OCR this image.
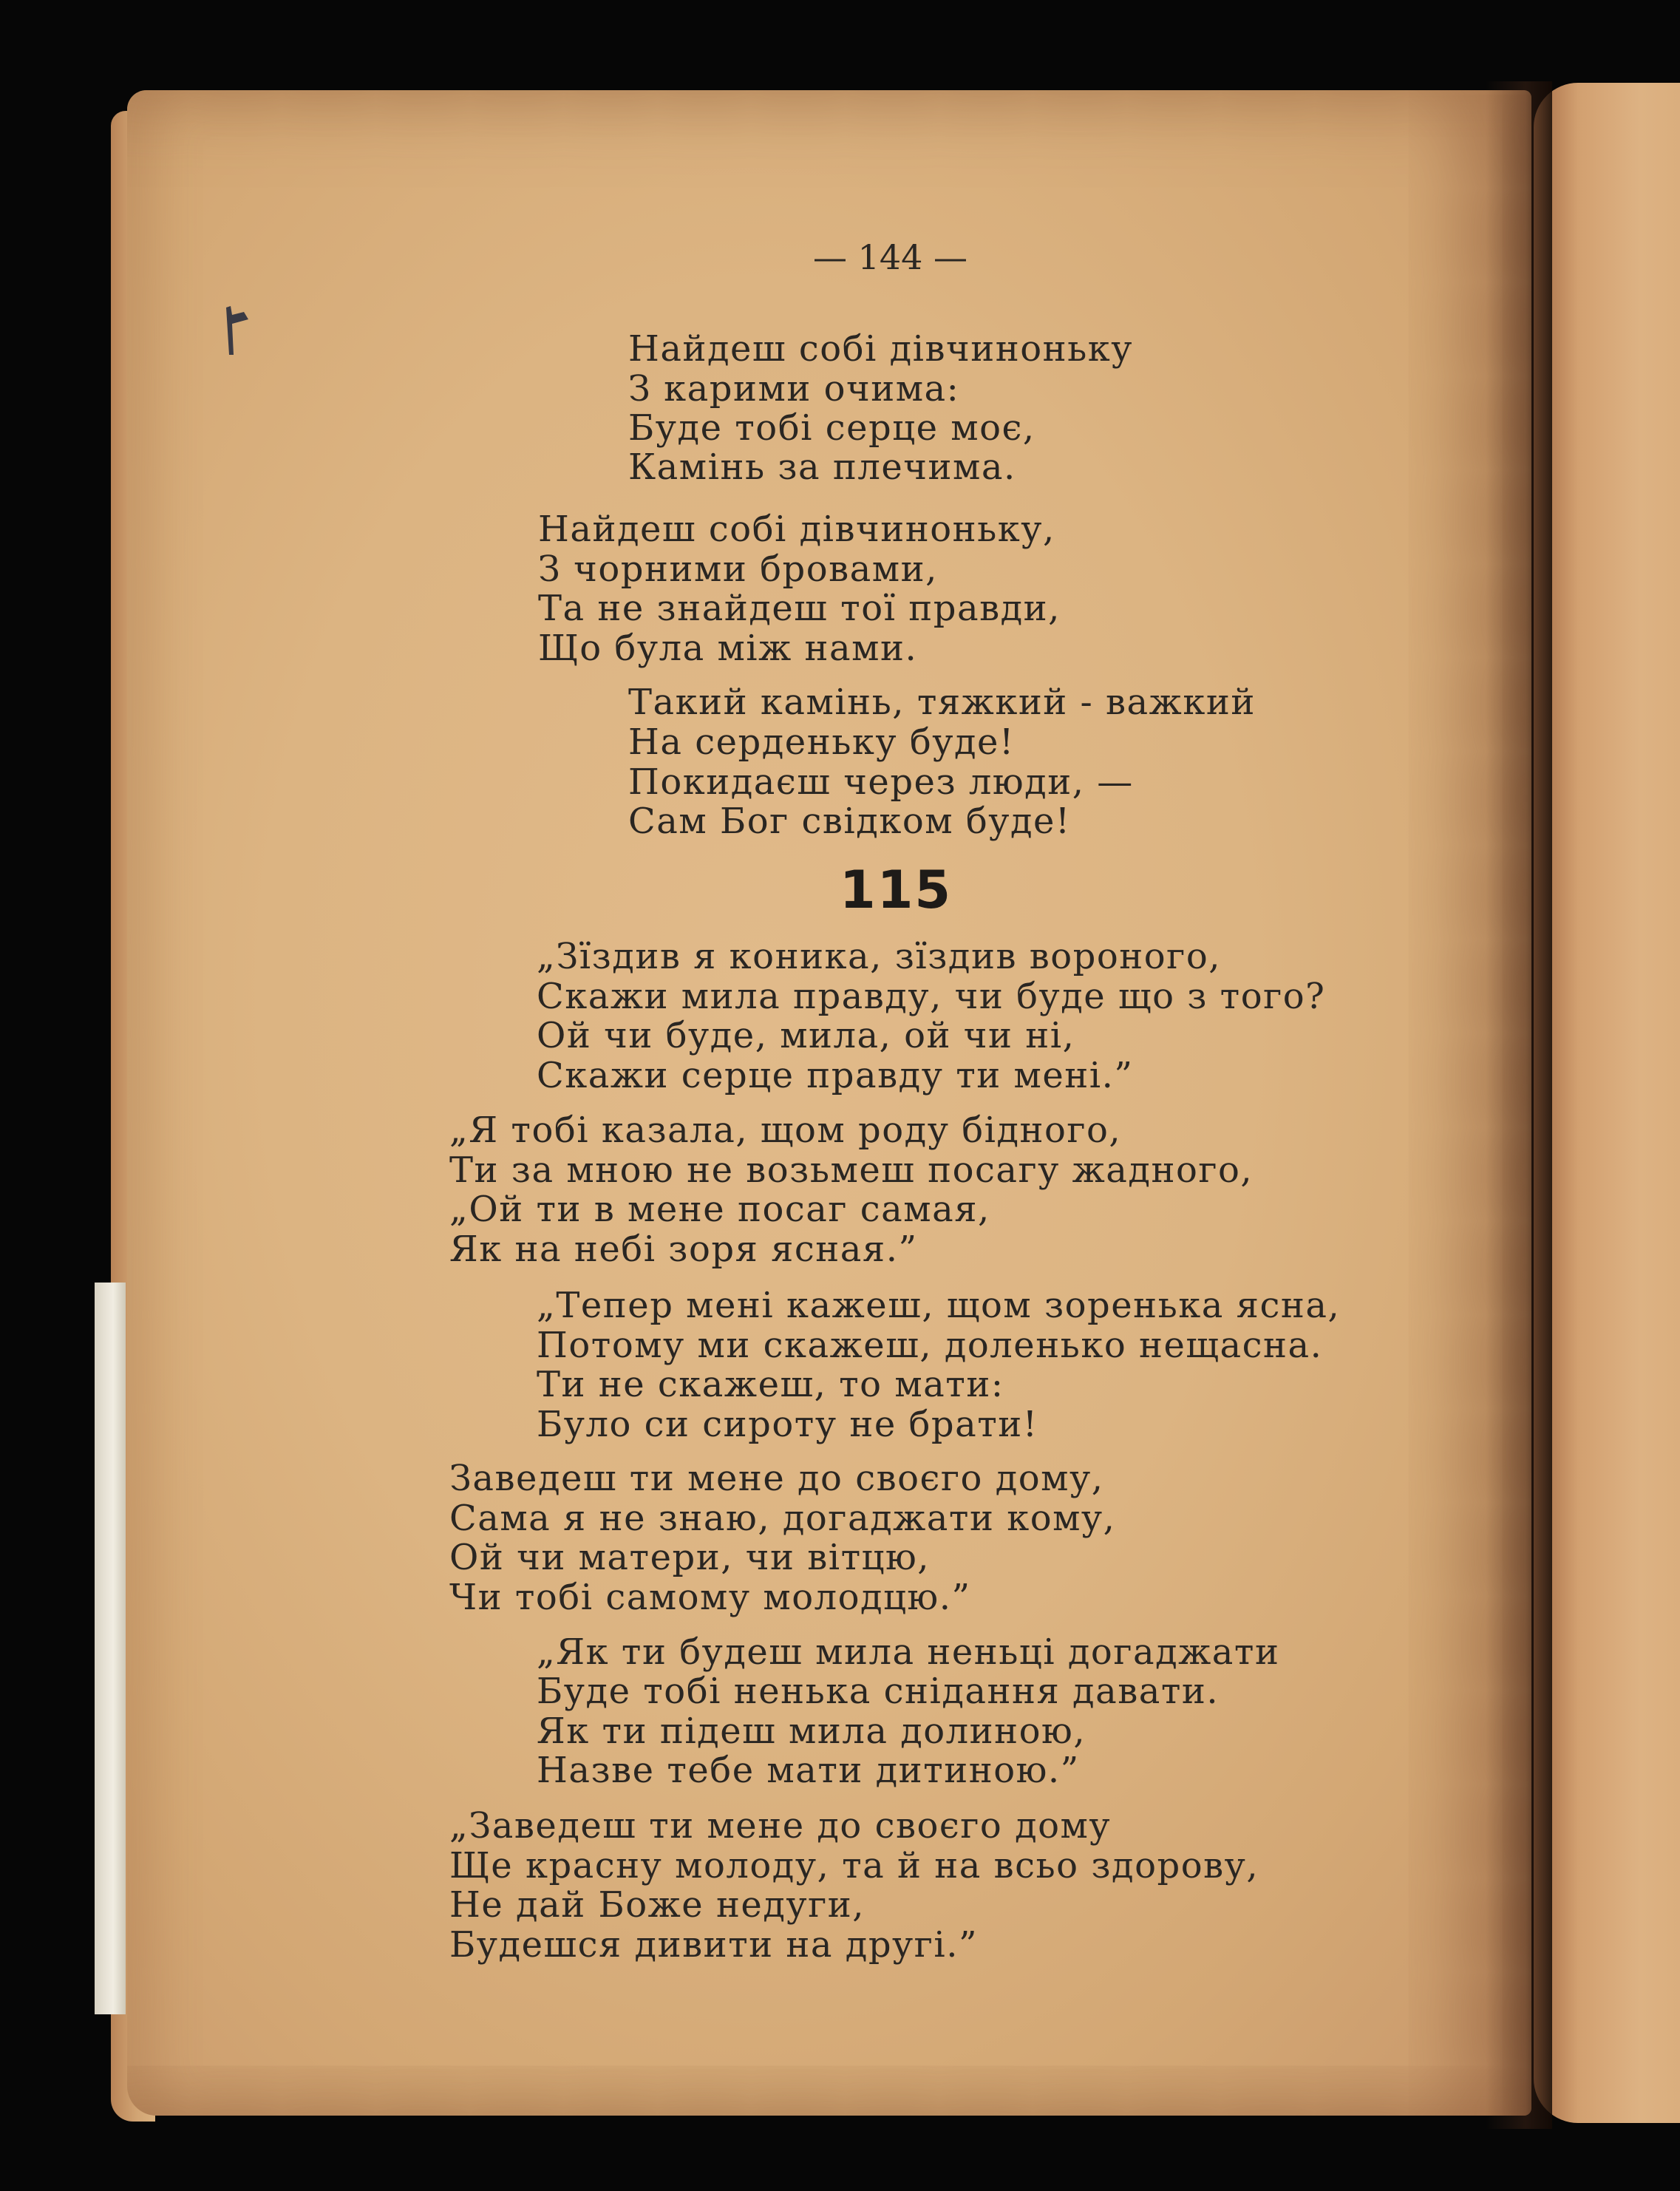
— 144 —
Найдеш собі дівчиноньку
З карими очима:
Буде тобі серце моє,
Камінь за плечима.
Найдеш собі дівчиноньку,
З чорними бровами,
Та не знайдеш тої правди,
Що була між нами.
Такий камінь, тяжкий - важкий
На серденьку буде!
Покидаєш через люди, —
Сам Бог свідком буде!
115
„Зїздив я коника, зїздив вороного,
Скажи мила правду, чи буде що з того?
Ой чи буде, мила, ой чи ні,
Скажи серце правду ти мені.”
„Я тобі казала, щом роду бідного,
Ти за мною не возьмеш посагу жадного,
„Ой ти в мене посаг самая,
Як на небі зоря ясная.”
„Тепер мені кажеш, щом зоренька ясна,
Потому ми скажеш, доленько нещасна.
Ти не скажеш, то мати:
Було си сироту не брати!
Заведеш ти мене до своєго дому,
Сама я не знаю, догаджати кому,
Ой чи матери, чи вітцю,
Чи тобі самому молодцю.”
„Як ти будеш мила неньці догаджати
Буде тобі ненька снідання давати.
Як ти підеш мила долиною,
Назве тебе мати дитиною.”
„Заведеш ти мене до своєго дому
Ще красну молоду, та й на всьо здорову,
Не дай Боже недуги,
Будешся дивити на другі.”
